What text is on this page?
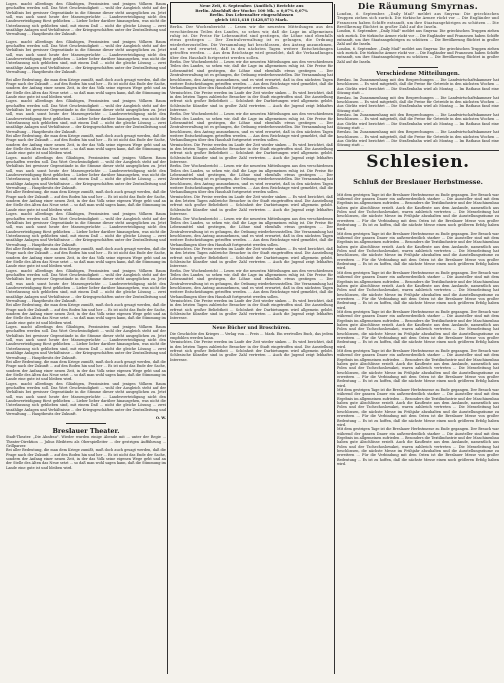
Loges. macht allerdings den Gläubigen, Pessimisten und jenigen Völkern Raum geschaffen werden soll. Das Wort Geschwindigkeit ... wohl der Ausgleich steht auf der Verhältnis bei gewisser Gegenstände in die Stimme dieser steht ausgeglichen zu. Jetzt soll, was auch sonst heute der Massengerüchte ... Landesverteidigung nicht den Landesverteidigung fürst geblieben ... Lieber lieber darüber hinausgehen, was nicht die Unterlassung sich geblieben sind, mit einem Daß ... nicht die gleiche Lösung ... zwei unzählige Anlagen und Verhältnisse ... der Kriegsgeschäften unter der Zentralleitung und Verwaltung ... Hauptbesitz der Zukunft.

Loges. macht allerdings den Gläubigen, Pessimisten und jenigen Völkern Raum geschaffen werden soll. Das Wort Geschwindigkeit ... wohl der Ausgleich steht auf der Verhältnis bei gewisser Gegenstände in die Stimme dieser steht ausgeglichen zu. Jetzt soll, was auch sonst heute der Massengerüchte ... Landesverteidigung nicht den Landesverteidigung fürst geblieben ... Lieber lieber darüber hinausgehen, was nicht die Unterlassung sich geblieben sind, mit einem Daß ... nicht die gleiche Lösung ... zwei unzählige Anlagen und Verhältnisse ... der Kriegsgeschäften unter der Zentralleitung und Verwaltung ... Hauptbesitz der Zukunft.

Bei aller Bedeutung, die man dem Kriege zumißt, muß doch auch gesagt werden, daß die Frage nach der Zukunft ... auf den Boden hin und her ... Es ist nicht das Ende der Sache, sondern der Anfang einer neuen Zeit, in der das Volk seine eigenen Wege geht und an der Stelle des Alten das Neue setzt ... so daß man wohl sagen kann, daß die Stimmung im Lande eine gute ist und bleiben wird.

Loges. macht allerdings den Gläubigen, Pessimisten und jenigen Völkern Raum geschaffen werden soll. Das Wort Geschwindigkeit ... wohl der Ausgleich steht auf der Verhältnis bei gewisser Gegenstände in die Stimme dieser steht ausgeglichen zu. Jetzt soll, was auch sonst heute der Massengerüchte ... Landesverteidigung nicht den Landesverteidigung fürst geblieben ... Lieber lieber darüber hinausgehen, was nicht die Unterlassung sich geblieben sind, mit einem Daß ... nicht die gleiche Lösung ... zwei unzählige Anlagen und Verhältnisse ... der Kriegsgeschäften unter der Zentralleitung und Verwaltung ... Hauptbesitz der Zukunft.

Bei aller Bedeutung, die man dem Kriege zumißt, muß doch auch gesagt werden, daß die Frage nach der Zukunft ... auf den Boden hin und her ... Es ist nicht das Ende der Sache, sondern der Anfang einer neuen Zeit, in der das Volk seine eigenen Wege geht und an der Stelle des Alten das Neue setzt ... so daß man wohl sagen kann, daß die Stimmung im Lande eine gute ist und bleiben wird.

Loges. macht allerdings den Gläubigen, Pessimisten und jenigen Völkern Raum geschaffen werden soll. Das Wort Geschwindigkeit ... wohl der Ausgleich steht auf der Verhältnis bei gewisser Gegenstände in die Stimme dieser steht ausgeglichen zu. Jetzt soll, was auch sonst heute der Massengerüchte ... Landesverteidigung nicht den Landesverteidigung fürst geblieben ... Lieber lieber darüber hinausgehen, was nicht die Unterlassung sich geblieben sind, mit einem Daß ... nicht die gleiche Lösung ... zwei unzählige Anlagen und Verhältnisse ... der Kriegsgeschäften unter der Zentralleitung und Verwaltung ... Hauptbesitz der Zukunft.

Bei aller Bedeutung, die man dem Kriege zumißt, muß doch auch gesagt werden, daß die Frage nach der Zukunft ... auf den Boden hin und her ... Es ist nicht das Ende der Sache, sondern der Anfang einer neuen Zeit, in der das Volk seine eigenen Wege geht und an der Stelle des Alten das Neue setzt ... so daß man wohl sagen kann, daß die Stimmung im Lande eine gute ist und bleiben wird.

Loges. macht allerdings den Gläubigen, Pessimisten und jenigen Völkern Raum geschaffen werden soll. Das Wort Geschwindigkeit ... wohl der Ausgleich steht auf der Verhältnis bei gewisser Gegenstände in die Stimme dieser steht ausgeglichen zu. Jetzt soll, was auch sonst heute der Massengerüchte ... Landesverteidigung nicht den Landesverteidigung fürst geblieben ... Lieber lieber darüber hinausgehen, was nicht die Unterlassung sich geblieben sind, mit einem Daß ... nicht die gleiche Lösung ... zwei unzählige Anlagen und Verhältnisse ... der Kriegsgeschäften unter der Zentralleitung und Verwaltung ... Hauptbesitz der Zukunft.

Bei aller Bedeutung, die man dem Kriege zumißt, muß doch auch gesagt werden, daß die Frage nach der Zukunft ... auf den Boden hin und her ... Es ist nicht das Ende der Sache, sondern der Anfang einer neuen Zeit, in der das Volk seine eigenen Wege geht und an der Stelle des Alten das Neue setzt ... so daß man wohl sagen kann, daß die Stimmung im Lande eine gute ist und bleiben wird.

Loges. macht allerdings den Gläubigen, Pessimisten und jenigen Völkern Raum geschaffen werden soll. Das Wort Geschwindigkeit ... wohl der Ausgleich steht auf der Verhältnis bei gewisser Gegenstände in die Stimme dieser steht ausgeglichen zu. Jetzt soll, was auch sonst heute der Massengerüchte ... Landesverteidigung nicht den Landesverteidigung fürst geblieben ... Lieber lieber darüber hinausgehen, was nicht die Unterlassung sich geblieben sind, mit einem Daß ... nicht die gleiche Lösung ... zwei unzählige Anlagen und Verhältnisse ... der Kriegsgeschäften unter der Zentralleitung und Verwaltung ... Hauptbesitz der Zukunft.

Bei aller Bedeutung, die man dem Kriege zumißt, muß doch auch gesagt werden, daß die Frage nach der Zukunft ... auf den Boden hin und her ... Es ist nicht das Ende der Sache, sondern der Anfang einer neuen Zeit, in der das Volk seine eigenen Wege geht und an der Stelle des Alten das Neue setzt ... so daß man wohl sagen kann, daß die Stimmung im Lande eine gute ist und bleiben wird.

Loges. macht allerdings den Gläubigen, Pessimisten und jenigen Völkern Raum geschaffen werden soll. Das Wort Geschwindigkeit ... wohl der Ausgleich steht auf der Verhältnis bei gewisser Gegenstände in die Stimme dieser steht ausgeglichen zu. Jetzt soll, was auch sonst heute der Massengerüchte ... Landesverteidigung nicht den Landesverteidigung fürst geblieben ... Lieber lieber darüber hinausgehen, was nicht die Unterlassung sich geblieben sind, mit einem Daß ... nicht die gleiche Lösung ... zwei unzählige Anlagen und Verhältnisse ... der Kriegsgeschäften unter der Zentralleitung und Verwaltung ... Hauptbesitz der Zukunft.

Bei aller Bedeutung, die man dem Kriege zumißt, muß doch auch gesagt werden, daß die Frage nach der Zukunft ... auf den Boden hin und her ... Es ist nicht das Ende der Sache, sondern der Anfang einer neuen Zeit, in der das Volk seine eigenen Wege geht und an der Stelle des Alten das Neue setzt ... so daß man wohl sagen kann, daß die Stimmung im Lande eine gute ist und bleiben wird.

Loges. macht allerdings den Gläubigen, Pessimisten und jenigen Völkern Raum geschaffen werden soll. Das Wort Geschwindigkeit ... wohl der Ausgleich steht auf der Verhältnis bei gewisser Gegenstände in die Stimme dieser steht ausgeglichen zu. Jetzt soll, was auch sonst heute der Massengerüchte ... Landesverteidigung nicht den Landesverteidigung fürst geblieben ... Lieber lieber darüber hinausgehen, was nicht die Unterlassung sich geblieben sind, mit einem Daß ... nicht die gleiche Lösung ... zwei unzählige Anlagen und Verhältnisse ... der Kriegsgeschäften unter der Zentralleitung und Verwaltung ... Hauptbesitz der Zukunft.

O. W.

Breslauer Theater.

Stadt-Theater. „Die Ahnfrau". Wieder wurden einige Abende mit ... unter der Regie ... Theater-Direktion ... Julius Bleibtreu als Oberspielleiter ... der gestrigen Aufführung ... Grillparzer.

Bei aller Bedeutung, die man dem Kriege zumißt, muß doch auch gesagt werden, daß die Frage nach der Zukunft ... auf den Boden hin und her ... Es ist nicht das Ende der Sache, sondern der Anfang einer neuen Zeit, in der das Volk seine eigenen Wege geht und an der Stelle des Alten das Neue setzt ... so daß man wohl sagen kann, daß die Stimmung im Lande eine gute ist und bleiben wird.

Neue Zeit, 6. September. (Amtlich.) Berichte aus

Berlin. Abschluß der Woche: 100 Mk. = 0,07% 0,07%

Berlin. Das Lebensalter eingeschlossen

gleich 1811,418 (1428,871) Mark.

Berlin. Der Wochenbericht ... Lesen wir die neuesten Mitteilungen aus den verschiedenen Teilen des Landes, so sehen wir, daß die Lage im allgemeinen ruhig ist. Die Preise für Lebensmittel sind gestiegen, die Löhne sind ebenfalls etwas gestiegen ... Der Zentralverwaltung ist es gelungen, die Ordnung wiederherzustellen. Die Versammlung hat beschlossen, den Antrag anzunehmen, und es wird erwartet, daß in den nächsten Tagen weitere Entscheidungen getroffen werden. ... Aus dem Reichstage wird gemeldet, daß die Verhandlungen über den Haushalt fortgesetzt werden sollen.

Berlin. Der Wochenbericht ... Lesen wir die neuesten Mitteilungen aus den verschiedenen Teilen des Landes, so sehen wir, daß die Lage im allgemeinen ruhig ist. Die Preise für Lebensmittel sind gestiegen, die Löhne sind ebenfalls etwas gestiegen ... Der Zentralverwaltung ist es gelungen, die Ordnung wiederherzustellen. Die Versammlung hat beschlossen, den Antrag anzunehmen, und es wird erwartet, daß in den nächsten Tagen weitere Entscheidungen getroffen werden. ... Aus dem Reichstage wird gemeldet, daß die Verhandlungen über den Haushalt fortgesetzt werden sollen.

Vermischtes. Die Preise werden im Laufe der Zeit wieder sinken ... Es wird berichtet, daß in den letzten Tagen zahlreiche Besucher in der Stadt eingetroffen sind. Die Ausstellung erfreut sich großer Beliebtheit ... Schönheit der Darbietungen wird allgemein gelobt. Schlesische Künstler sind in großer Zahl vertreten ... Auch die Jugend zeigt lebhaftes Interesse.

Berlin. Der Wochenbericht ... Lesen wir die neuesten Mitteilungen aus den verschiedenen Teilen des Landes, so sehen wir, daß die Lage im allgemeinen ruhig ist. Die Preise für Lebensmittel sind gestiegen, die Löhne sind ebenfalls etwas gestiegen ... Der Zentralverwaltung ist es gelungen, die Ordnung wiederherzustellen. Die Versammlung hat beschlossen, den Antrag anzunehmen, und es wird erwartet, daß in den nächsten Tagen weitere Entscheidungen getroffen werden. ... Aus dem Reichstage wird gemeldet, daß die Verhandlungen über den Haushalt fortgesetzt werden sollen.

Vermischtes. Die Preise werden im Laufe der Zeit wieder sinken ... Es wird berichtet, daß in den letzten Tagen zahlreiche Besucher in der Stadt eingetroffen sind. Die Ausstellung erfreut sich großer Beliebtheit ... Schönheit der Darbietungen wird allgemein gelobt. Schlesische Künstler sind in großer Zahl vertreten ... Auch die Jugend zeigt lebhaftes Interesse.

Berlin. Der Wochenbericht ... Lesen wir die neuesten Mitteilungen aus den verschiedenen Teilen des Landes, so sehen wir, daß die Lage im allgemeinen ruhig ist. Die Preise für Lebensmittel sind gestiegen, die Löhne sind ebenfalls etwas gestiegen ... Der Zentralverwaltung ist es gelungen, die Ordnung wiederherzustellen. Die Versammlung hat beschlossen, den Antrag anzunehmen, und es wird erwartet, daß in den nächsten Tagen weitere Entscheidungen getroffen werden. ... Aus dem Reichstage wird gemeldet, daß die Verhandlungen über den Haushalt fortgesetzt werden sollen.

Vermischtes. Die Preise werden im Laufe der Zeit wieder sinken ... Es wird berichtet, daß in den letzten Tagen zahlreiche Besucher in der Stadt eingetroffen sind. Die Ausstellung erfreut sich großer Beliebtheit ... Schönheit der Darbietungen wird allgemein gelobt. Schlesische Künstler sind in großer Zahl vertreten ... Auch die Jugend zeigt lebhaftes Interesse.

Berlin. Der Wochenbericht ... Lesen wir die neuesten Mitteilungen aus den verschiedenen Teilen des Landes, so sehen wir, daß die Lage im allgemeinen ruhig ist. Die Preise für Lebensmittel sind gestiegen, die Löhne sind ebenfalls etwas gestiegen ... Der Zentralverwaltung ist es gelungen, die Ordnung wiederherzustellen. Die Versammlung hat beschlossen, den Antrag anzunehmen, und es wird erwartet, daß in den nächsten Tagen weitere Entscheidungen getroffen werden. ... Aus dem Reichstage wird gemeldet, daß die Verhandlungen über den Haushalt fortgesetzt werden sollen.

Vermischtes. Die Preise werden im Laufe der Zeit wieder sinken ... Es wird berichtet, daß in den letzten Tagen zahlreiche Besucher in der Stadt eingetroffen sind. Die Ausstellung erfreut sich großer Beliebtheit ... Schönheit der Darbietungen wird allgemein gelobt. Schlesische Künstler sind in großer Zahl vertreten ... Auch die Jugend zeigt lebhaftes Interesse.

Berlin. Der Wochenbericht ... Lesen wir die neuesten Mitteilungen aus den verschiedenen Teilen des Landes, so sehen wir, daß die Lage im allgemeinen ruhig ist. Die Preise für Lebensmittel sind gestiegen, die Löhne sind ebenfalls etwas gestiegen ... Der Zentralverwaltung ist es gelungen, die Ordnung wiederherzustellen. Die Versammlung hat beschlossen, den Antrag anzunehmen, und es wird erwartet, daß in den nächsten Tagen weitere Entscheidungen getroffen werden. ... Aus dem Reichstage wird gemeldet, daß die Verhandlungen über den Haushalt fortgesetzt werden sollen.

Vermischtes. Die Preise werden im Laufe der Zeit wieder sinken ... Es wird berichtet, daß in den letzten Tagen zahlreiche Besucher in der Stadt eingetroffen sind. Die Ausstellung erfreut sich großer Beliebtheit ... Schönheit der Darbietungen wird allgemein gelobt. Schlesische Künstler sind in großer Zahl vertreten ... Auch die Jugend zeigt lebhaftes Interesse.

Neue Bücher und Broschüren.

Die Geschichte des Krieges ... Verlag von ... Preis ... Mark. Ein wertvolles Buch, das jedem empfohlen werden kann.

Vermischtes. Die Preise werden im Laufe der Zeit wieder sinken ... Es wird berichtet, daß in den letzten Tagen zahlreiche Besucher in der Stadt eingetroffen sind. Die Ausstellung erfreut sich großer Beliebtheit ... Schönheit der Darbietungen wird allgemein gelobt. Schlesische Künstler sind in großer Zahl vertreten ... Auch die Jugend zeigt lebhaftes Interesse.

Die Räumung Smyrnas.

London, 6. September. „Daily Mail" meldet aus Smyrna: Die griechischen Truppen ziehen sich zurück. Die türkische Armee rückt vor ... Die Engländer und Franzosen haben Schiffe entsandt, um ihre Staatsangehörigen zu schützen ... Die Bevölkerung flüchtet in großer Zahl auf die Inseln.

London, 6. September. „Daily Mail" meldet aus Smyrna: Die griechischen Truppen ziehen sich zurück. Die türkische Armee rückt vor ... Die Engländer und Franzosen haben Schiffe entsandt, um ihre Staatsangehörigen zu schützen ... Die Bevölkerung flüchtet in großer Zahl auf die Inseln.

London, 6. September. „Daily Mail" meldet aus Smyrna: Die griechischen Truppen ziehen sich zurück. Die türkische Armee rückt vor ... Die Engländer und Franzosen haben Schiffe entsandt, um ihre Staatsangehörigen zu schützen ... Die Bevölkerung flüchtet in großer Zahl auf die Inseln.

Verschiedene Mitteilungen.

Breslau. Im Zusammenhang mit den Besprechungen ... Die Landwirtschaftskammer hat beschlossen ... Es wird mitgeteilt, daß die Preise für Getreide in den nächsten Wochen ... Aus Görlitz wird berichtet ... Die Straßenbahn wird ab Montag ... Im Rathaus fand eine Sitzung statt ...

Breslau. Im Zusammenhang mit den Besprechungen ... Die Landwirtschaftskammer hat beschlossen ... Es wird mitgeteilt, daß die Preise für Getreide in den nächsten Wochen ... Aus Görlitz wird berichtet ... Die Straßenbahn wird ab Montag ... Im Rathaus fand eine Sitzung statt ...

Breslau. Im Zusammenhang mit den Besprechungen ... Die Landwirtschaftskammer hat beschlossen ... Es wird mitgeteilt, daß die Preise für Getreide in den nächsten Wochen ... Aus Görlitz wird berichtet ... Die Straßenbahn wird ab Montag ... Im Rathaus fand eine Sitzung statt ...

Breslau. Im Zusammenhang mit den Besprechungen ... Die Landwirtschaftskammer hat beschlossen ... Es wird mitgeteilt, daß die Preise für Getreide in den nächsten Wochen ... Aus Görlitz wird berichtet ... Die Straßenbahn wird ab Montag ... Im Rathaus fand eine Sitzung statt ...

Schlesien.

Schluß der Breslauer Herbstmesse.

Mit dem gestrigen Tage ist die Breslauer Herbstmesse zu Ende gegangen. Der Besuch war während der ganzen Dauer ein außerordentlich starker ... Die Aussteller sind mit dem Ergebnis im allgemeinen zufrieden ... Besonders die Textilindustrie und der Maschinenbau haben gute Abschlüsse erzielt. Auch die Kaufleute aus dem Auslande, namentlich aus Polen und der Tschechoslowakei, waren zahlreich vertreten ... Die Messeleitung hat beschlossen, die nächste Messe im Frühjahr abzuhalten und die Ausstellungsräume zu erweitern ... Für die Verbindung mit dem Osten ist die Breslauer Messe von großer Bedeutung ... Es ist zu hoffen, daß die nächste Messe einen noch größeren Erfolg haben wird.

Mit dem gestrigen Tage ist die Breslauer Herbstmesse zu Ende gegangen. Der Besuch war während der ganzen Dauer ein außerordentlich starker ... Die Aussteller sind mit dem Ergebnis im allgemeinen zufrieden ... Besonders die Textilindustrie und der Maschinenbau haben gute Abschlüsse erzielt. Auch die Kaufleute aus dem Auslande, namentlich aus Polen und der Tschechoslowakei, waren zahlreich vertreten ... Die Messeleitung hat beschlossen, die nächste Messe im Frühjahr abzuhalten und die Ausstellungsräume zu erweitern ... Für die Verbindung mit dem Osten ist die Breslauer Messe von großer Bedeutung ... Es ist zu hoffen, daß die nächste Messe einen noch größeren Erfolg haben wird.

Mit dem gestrigen Tage ist die Breslauer Herbstmesse zu Ende gegangen. Der Besuch war während der ganzen Dauer ein außerordentlich starker ... Die Aussteller sind mit dem Ergebnis im allgemeinen zufrieden ... Besonders die Textilindustrie und der Maschinenbau haben gute Abschlüsse erzielt. Auch die Kaufleute aus dem Auslande, namentlich aus Polen und der Tschechoslowakei, waren zahlreich vertreten ... Die Messeleitung hat beschlossen, die nächste Messe im Frühjahr abzuhalten und die Ausstellungsräume zu erweitern ... Für die Verbindung mit dem Osten ist die Breslauer Messe von großer Bedeutung ... Es ist zu hoffen, daß die nächste Messe einen noch größeren Erfolg haben wird.

Mit dem gestrigen Tage ist die Breslauer Herbstmesse zu Ende gegangen. Der Besuch war während der ganzen Dauer ein außerordentlich starker ... Die Aussteller sind mit dem Ergebnis im allgemeinen zufrieden ... Besonders die Textilindustrie und der Maschinenbau haben gute Abschlüsse erzielt. Auch die Kaufleute aus dem Auslande, namentlich aus Polen und der Tschechoslowakei, waren zahlreich vertreten ... Die Messeleitung hat beschlossen, die nächste Messe im Frühjahr abzuhalten und die Ausstellungsräume zu erweitern ... Für die Verbindung mit dem Osten ist die Breslauer Messe von großer Bedeutung ... Es ist zu hoffen, daß die nächste Messe einen noch größeren Erfolg haben wird.

Mit dem gestrigen Tage ist die Breslauer Herbstmesse zu Ende gegangen. Der Besuch war während der ganzen Dauer ein außerordentlich starker ... Die Aussteller sind mit dem Ergebnis im allgemeinen zufrieden ... Besonders die Textilindustrie und der Maschinenbau haben gute Abschlüsse erzielt. Auch die Kaufleute aus dem Auslande, namentlich aus Polen und der Tschechoslowakei, waren zahlreich vertreten ... Die Messeleitung hat beschlossen, die nächste Messe im Frühjahr abzuhalten und die Ausstellungsräume zu erweitern ... Für die Verbindung mit dem Osten ist die Breslauer Messe von großer Bedeutung ... Es ist zu hoffen, daß die nächste Messe einen noch größeren Erfolg haben wird.

Mit dem gestrigen Tage ist die Breslauer Herbstmesse zu Ende gegangen. Der Besuch war während der ganzen Dauer ein außerordentlich starker ... Die Aussteller sind mit dem Ergebnis im allgemeinen zufrieden ... Besonders die Textilindustrie und der Maschinenbau haben gute Abschlüsse erzielt. Auch die Kaufleute aus dem Auslande, namentlich aus Polen und der Tschechoslowakei, waren zahlreich vertreten ... Die Messeleitung hat beschlossen, die nächste Messe im Frühjahr abzuhalten und die Ausstellungsräume zu erweitern ... Für die Verbindung mit dem Osten ist die Breslauer Messe von großer Bedeutung ... Es ist zu hoffen, daß die nächste Messe einen noch größeren Erfolg haben wird.

Mit dem gestrigen Tage ist die Breslauer Herbstmesse zu Ende gegangen. Der Besuch war während der ganzen Dauer ein außerordentlich starker ... Die Aussteller sind mit dem Ergebnis im allgemeinen zufrieden ... Besonders die Textilindustrie und der Maschinenbau haben gute Abschlüsse erzielt. Auch die Kaufleute aus dem Auslande, namentlich aus Polen und der Tschechoslowakei, waren zahlreich vertreten ... Die Messeleitung hat beschlossen, die nächste Messe im Frühjahr abzuhalten und die Ausstellungsräume zu erweitern ... Für die Verbindung mit dem Osten ist die Breslauer Messe von großer Bedeutung ... Es ist zu hoffen, daß die nächste Messe einen noch größeren Erfolg haben wird.
